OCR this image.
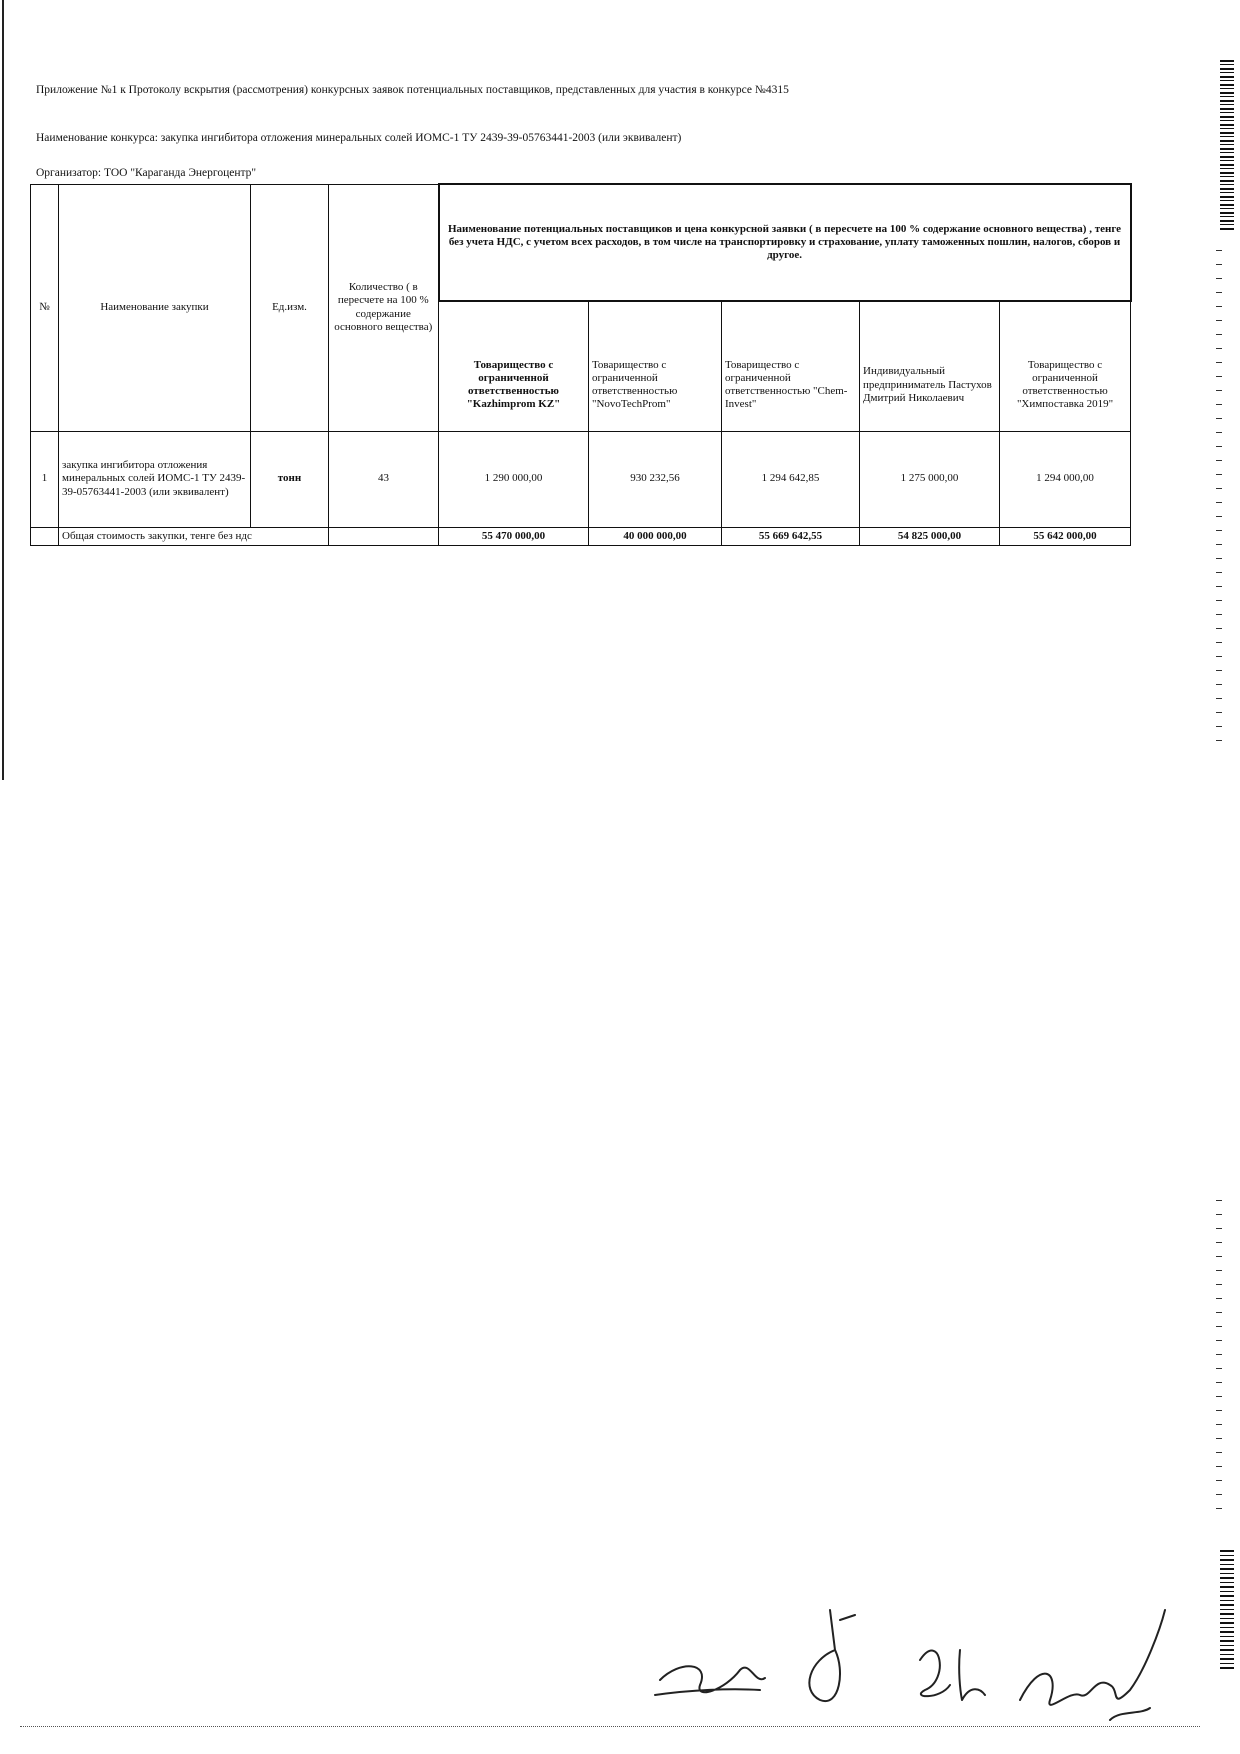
Приложение №1 к Протоколу вскрытия (рассмотрения) конкурсных заявок потенциальных поставщиков, представленных для участия в конкурсе №4315
Наименование конкурса: закупка ингибитора отложения минеральных солей ИОМС-1 ТУ 2439-39-05763441-2003 (или эквивалент)
Организатор: ТОО "Караганда Энергоцентр"
№	Наименование закупки	Ед.изм.	Количество ( в пересчете на 100 % содержание основного вещества)	Наименование потенциальных поставщиков и цена конкурсной заявки ( в пересчете на 100 % содержание основного вещества) , тенге без учета НДС, с учетом всех расходов, в том числе на транспортировку и страхование, уплату таможенных пошлин, налогов, сборов и другое.				
				Товарищество с ограниченной ответственностью "Kazhimprom KZ"	Товарищество с ограниченной ответственностью "NovoTechProm"	Товарищество с ограниченной ответственностью "Chem-Invest"	Индивидуальный предприниматель Пастухов Дмитрий Николаевич	Товарищество с ограниченной ответственностью "Химпоставка 2019"
1	закупка ингибитора отложения минеральных солей ИОМС-1 ТУ 2439-39-05763441-2003 (или эквивалент)	тонн	43	1 290 000,00	930 232,56	1 294 642,85	1 275 000,00	1 294 000,00
	Общая стоимость закупки, тенге без ндс			55 470 000,00	40 000 000,00	55 669 642,55	54 825 000,00	55 642 000,00
